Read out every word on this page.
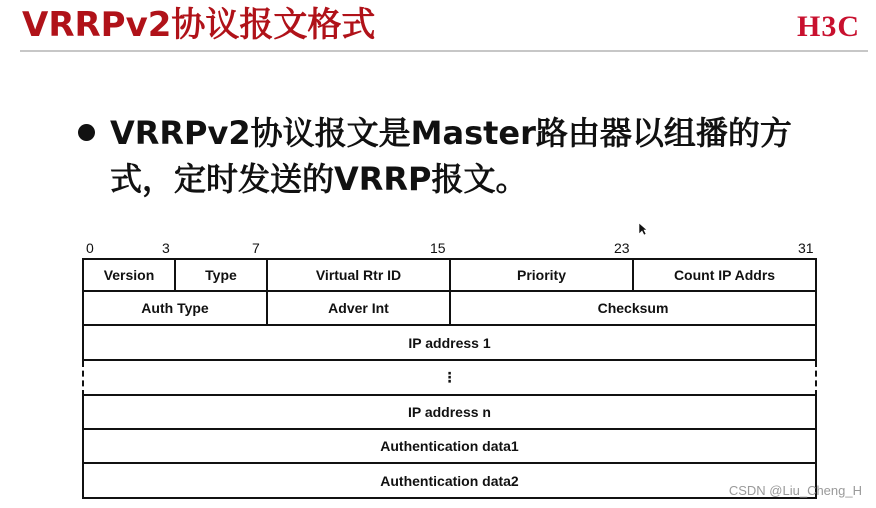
VRRPv2协议报文格式	H3C
VRRPv2协议报文是Master路由器以组播的方式，定时发送的VRRP报文。
0	3	7	15	23	31
Version	Type	Virtual Rtr ID	Priority	Count IP Addrs
Auth Type	Adver Int	Checksum
IP address 1
⋮
IP address n
Authentication data1
Authentication data2
CSDN @Liu_Cheng_H
